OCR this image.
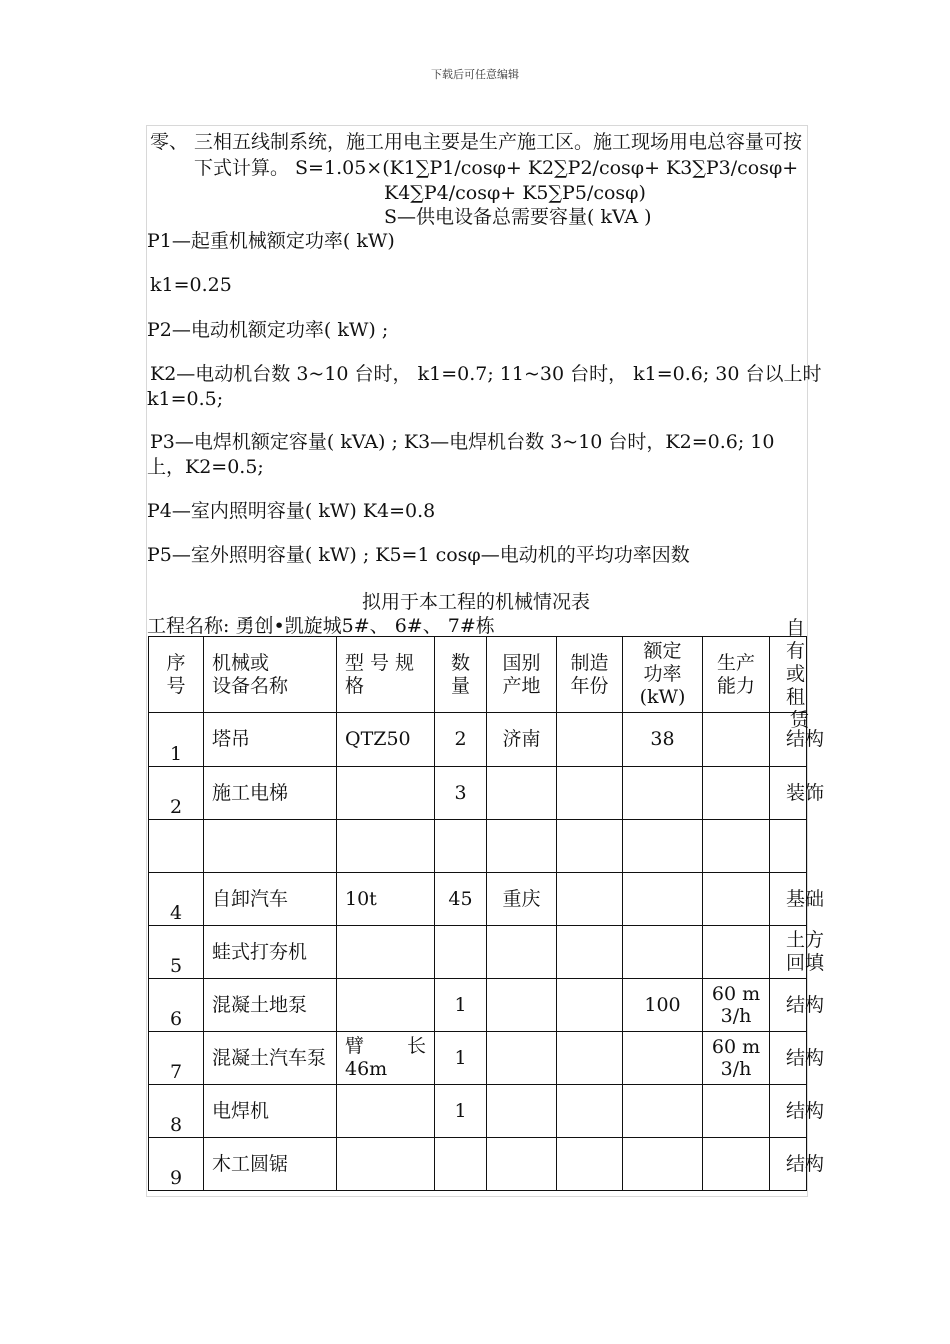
下载后可任意编辑
零、 三相五线制系统，施工用电主要是生产施工区。施工现场用电总容量可按
下式计算。 S=1.05×(K1∑P1/cosφ+ K2∑P2/cosφ+ K3∑P3/cosφ+
K4∑P4/cosφ+ K5∑P5/cosφ)
S—供电设备总需要容量( kVA )
P1—起重机械额定功率( kW)
k1=0.25
P2—电动机额定功率( kW) ;
K2—电动机台数 3~10 台时， k1=0.7; 11~30 台时， k1=0.6; 30 台以上时
k1=0.5;
P3—电焊机额定容量( kVA) ; K3—电焊机台数 3~10 台时，K2=0.6; 10
上，K2=0.5;
P4—室内照明容量( kW) K4=0.8
P5—室外照明容量( kW) ; K5=1 cosφ—电动机的平均功率因数
拟用于本工程的机械情况表
工程名称: 勇创•凯旋城5#、 6#、 7#栋
序
号	机械或
设备名称	型 号 规
格	数
量	国别
产地	制造
年份	额定
功率
(kW)	生产
能力	自有
或租
赁

1	塔吊	QTZ50	2	济南		38		结构

2	施工电梯		3					装饰

4	自卸汽车	10t	45	重庆				基础

5	蛙式打夯机							土方回填

6	混凝土地泵		1			100	60 m3/h	结构

7	混凝土汽车泵	臂 长
46m	1				60 m3/h	结构

8	电焊机		1					结构

9	木工圆锯							结构
